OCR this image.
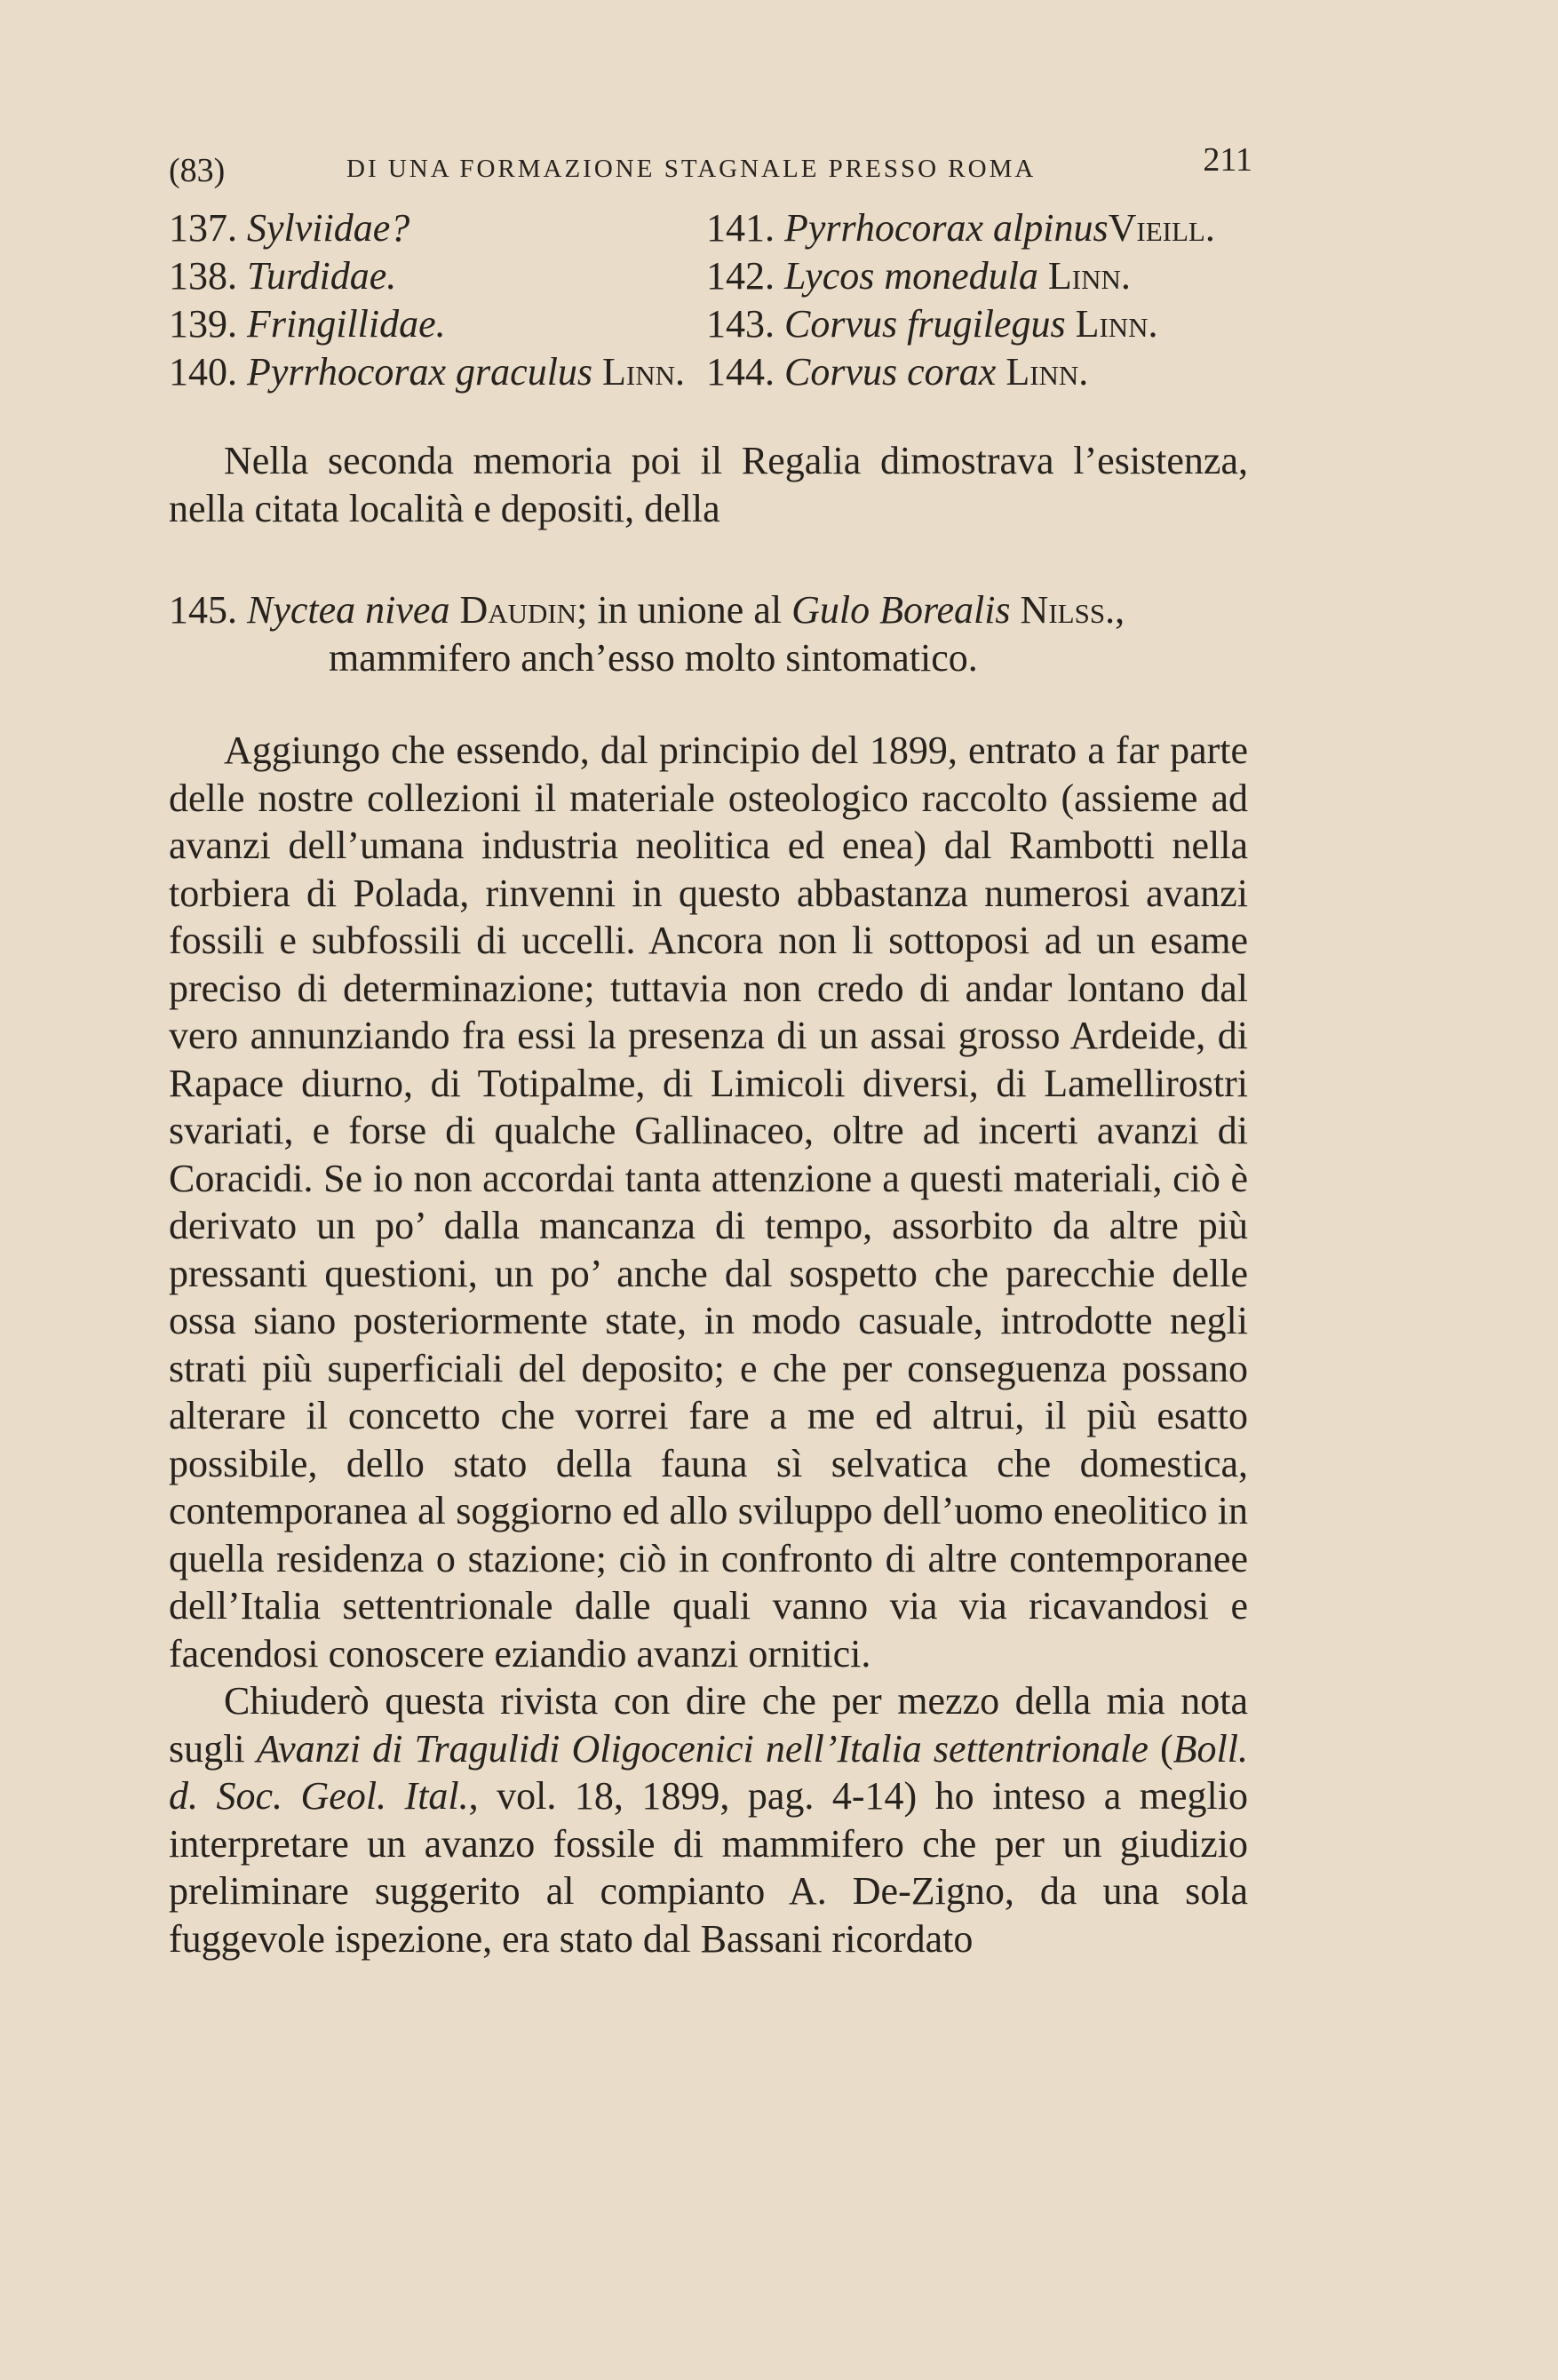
(83)	DI UNA FORMAZIONE STAGNALE PRESSO ROMA	211
137. Sylviidae?
138. Turdidae.
139. Fringillidae.
140. Pyrrhocorax graculus Linn.
141. Pyrrhocorax alpinusVieill.
142. Lycos monedula Linn.
143. Corvus frugilegus Linn.
144. Corvus corax Linn.

Nella seconda memoria poi il Regalia dimostrava l’esistenza, nella citata località e depositi, della

145. Nyctea nivea Daudin; in unione al Gulo Borealis Nilss.,

mammifero anch’esso molto sintomatico.

Aggiungo che essendo, dal principio del 1899, entrato a far parte delle nostre collezioni il materiale osteologico raccolto (assieme ad avanzi dell’umana industria neolitica ed enea) dal Rambotti nella torbiera di Polada, rinvenni in questo abbastanza numerosi avanzi fossili e subfossili di uccelli. Ancora non li sottoposi ad un esame preciso di determinazione; tuttavia non credo di andar lontano dal vero annunziando fra essi la presenza di un assai grosso Ardeide, di Rapace diurno, di Totipalme, di Limicoli diversi, di Lamellirostri svariati, e forse di qualche Gallinaceo, oltre ad incerti avanzi di Coracidi. Se io non accordai tanta attenzione a questi materiali, ciò è derivato un po’ dalla mancanza di tempo, assorbito da altre più pressanti questioni, un po’ anche dal sospetto che parecchie delle ossa siano posteriormente state, in modo casuale, introdotte negli strati più superficiali del deposito; e che per conseguenza possano alterare il concetto che vorrei fare a me ed altrui, il più esatto possibile, dello stato della fauna sì selvatica che domestica, contemporanea al soggiorno ed allo sviluppo dell’uomo eneolitico in quella residenza o stazione; ciò in confronto di altre contemporanee dell’Italia settentrionale dalle quali vanno via via ricavandosi e facendosi conoscere eziandio avanzi ornitici.

Chiuderò questa rivista con dire che per mezzo della mia nota sugli Avanzi di Tragulidi Oligocenici nell’Italia settentrionale (Boll. d. Soc. Geol. Ital., vol. 18, 1899, pag. 4-14) ho inteso a meglio interpretare un avanzo fossile di mammifero che per un giudizio preliminare suggerito al compianto A. De-Zigno, da una sola fuggevole ispezione, era stato dal Bassani ricordato
